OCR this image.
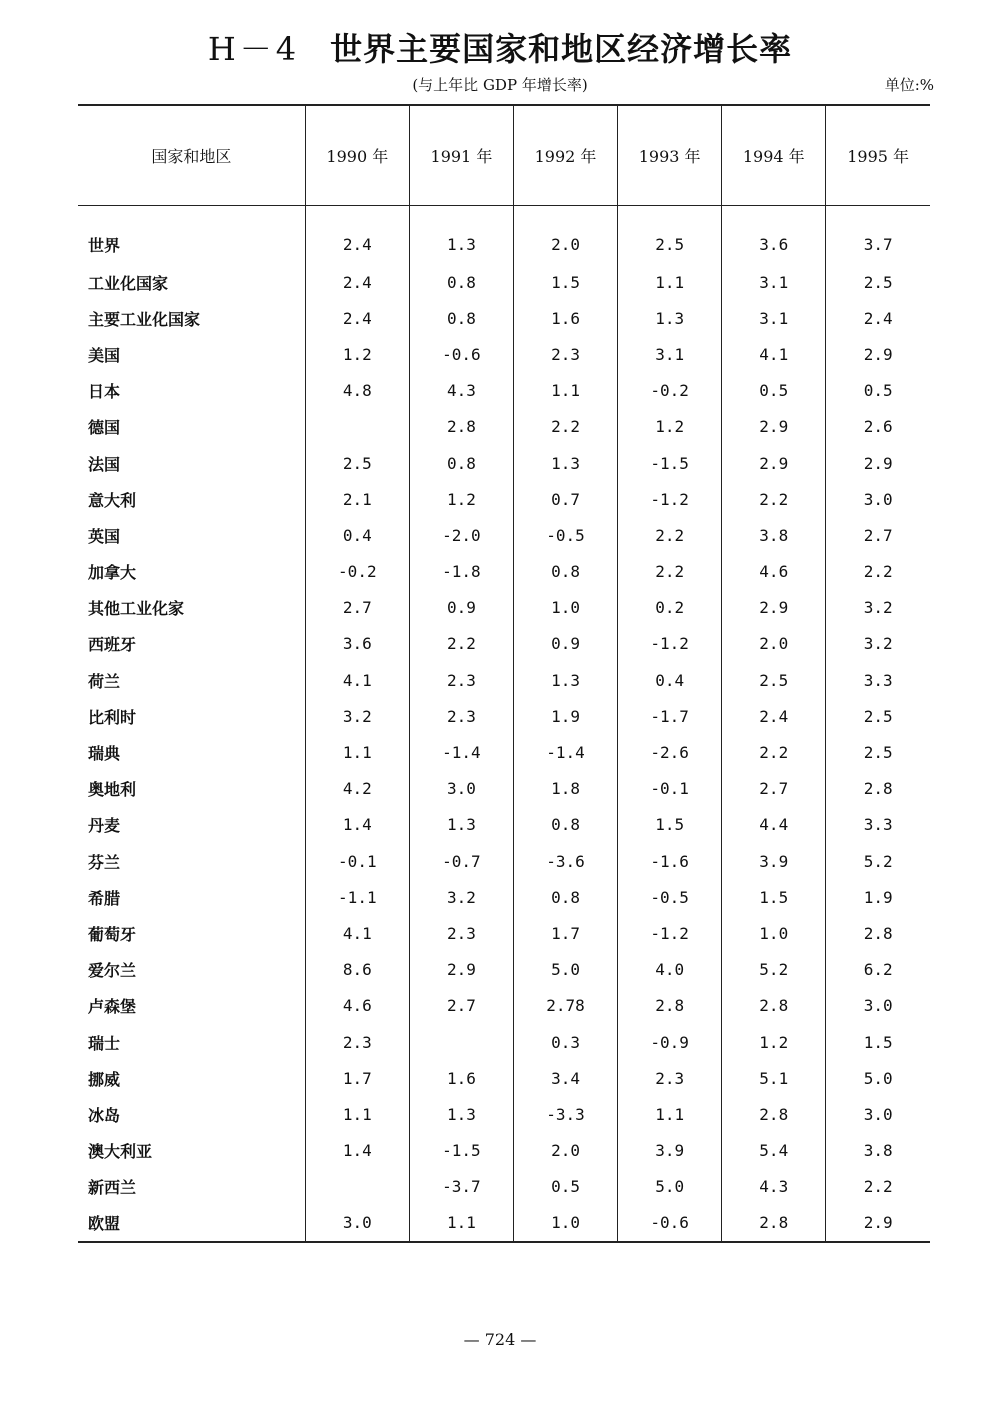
H－4 世界主要国家和地区经济增长率
(与上年比 GDP 年增长率)	单位:%
国家和地区	1990 年	1991 年	1992 年	1993 年	1994 年	1995 年
世界	2.4	1.3	2.0	2.5	3.6	3.7
工业化国家	2.4	0.8	1.5	1.1	3.1	2.5
主要工业化国家	2.4	0.8	1.6	1.3	3.1	2.4
美国	1.2	-0.6	2.3	3.1	4.1	2.9
日本	4.8	4.3	1.1	-0.2	0.5	0.5
德国		2.8	2.2	1.2	2.9	2.6
法国	2.5	0.8	1.3	-1.5	2.9	2.9
意大利	2.1	1.2	0.7	-1.2	2.2	3.0
英国	0.4	-2.0	-0.5	2.2	3.8	2.7
加拿大	-0.2	-1.8	0.8	2.2	4.6	2.2
其他工业化家	2.7	0.9	1.0	0.2	2.9	3.2
西班牙	3.6	2.2	0.9	-1.2	2.0	3.2
荷兰	4.1	2.3	1.3	0.4	2.5	3.3
比利时	3.2	2.3	1.9	-1.7	2.4	2.5
瑞典	1.1	-1.4	-1.4	-2.6	2.2	2.5
奥地利	4.2	3.0	1.8	-0.1	2.7	2.8
丹麦	1.4	1.3	0.8	1.5	4.4	3.3
芬兰	-0.1	-0.7	-3.6	-1.6	3.9	5.2
希腊	-1.1	3.2	0.8	-0.5	1.5	1.9
葡萄牙	4.1	2.3	1.7	-1.2	1.0	2.8
爱尔兰	8.6	2.9	5.0	4.0	5.2	6.2
卢森堡	4.6	2.7	2.78	2.8	2.8	3.0
瑞士	2.3		0.3	-0.9	1.2	1.5
挪威	1.7	1.6	3.4	2.3	5.1	5.0
冰岛	1.1	1.3	-3.3	1.1	2.8	3.0
澳大利亚	1.4	-1.5	2.0	3.9	5.4	3.8
新西兰		-3.7	0.5	5.0	4.3	2.2
欧盟	3.0	1.1	1.0	-0.6	2.8	2.9
— 724 —
